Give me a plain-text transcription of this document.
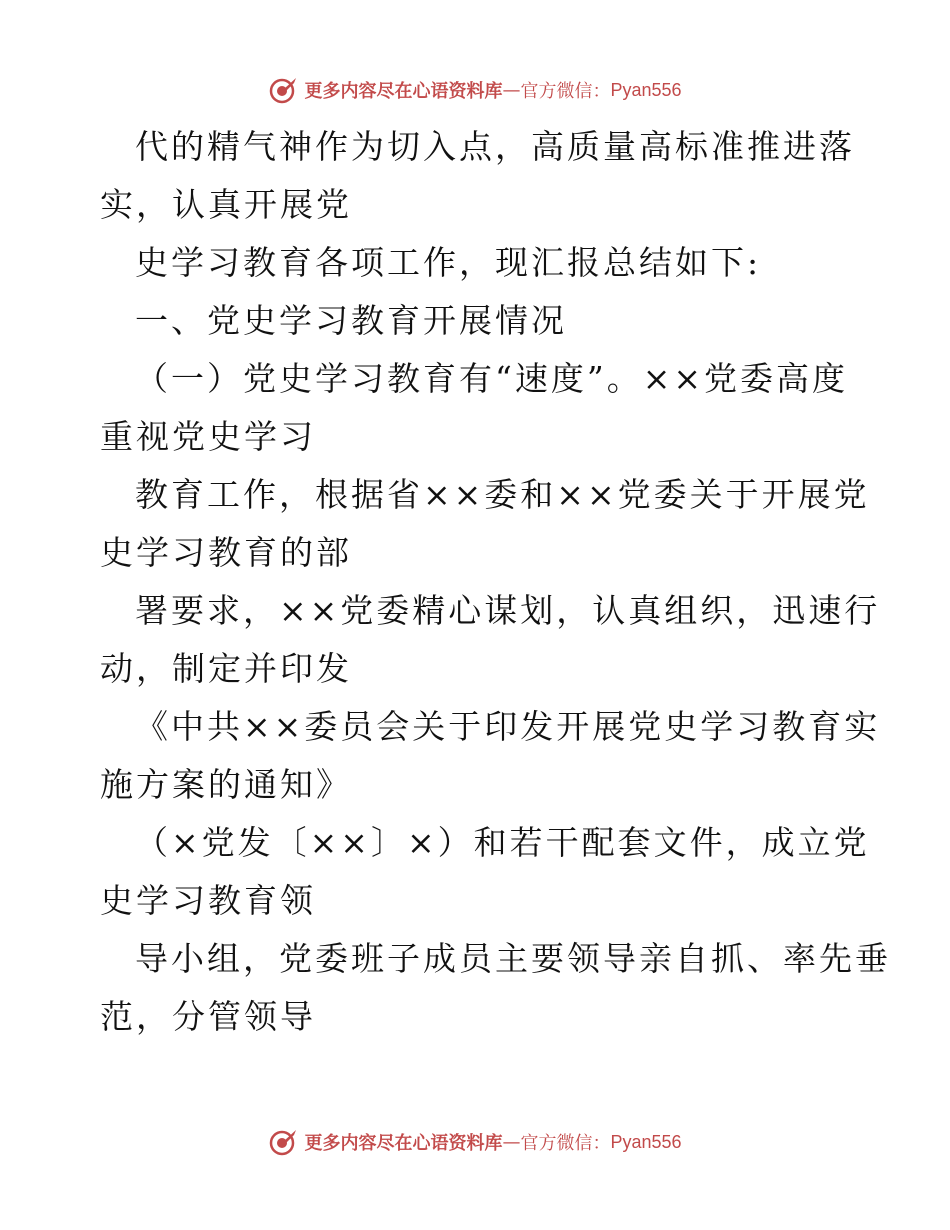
更多内容尽在心语资料库 — 官方微信： Pyan556
代的精气神作为切入点，高质量高标准推进落
实，认真开展党
史学习教育各项工作，现汇报总结如下:
一、党史学习教育开展情况
（一）党史学习教育有“速度”。××党委高度
重视党史学习
教育工作，根据省××委和××党委关于开展党
史学习教育的部
署要求，××党委精心谋划，认真组织，迅速行
动，制定并印发
《中共××委员会关于印发开展党史学习教育实
施方案的通知》
（×党发〔××〕×）和若干配套文件，成立党
史学习教育领
导小组，党委班子成员主要领导亲自抓、率先垂
范，分管领导
更多内容尽在心语资料库 — 官方微信： Pyan556
